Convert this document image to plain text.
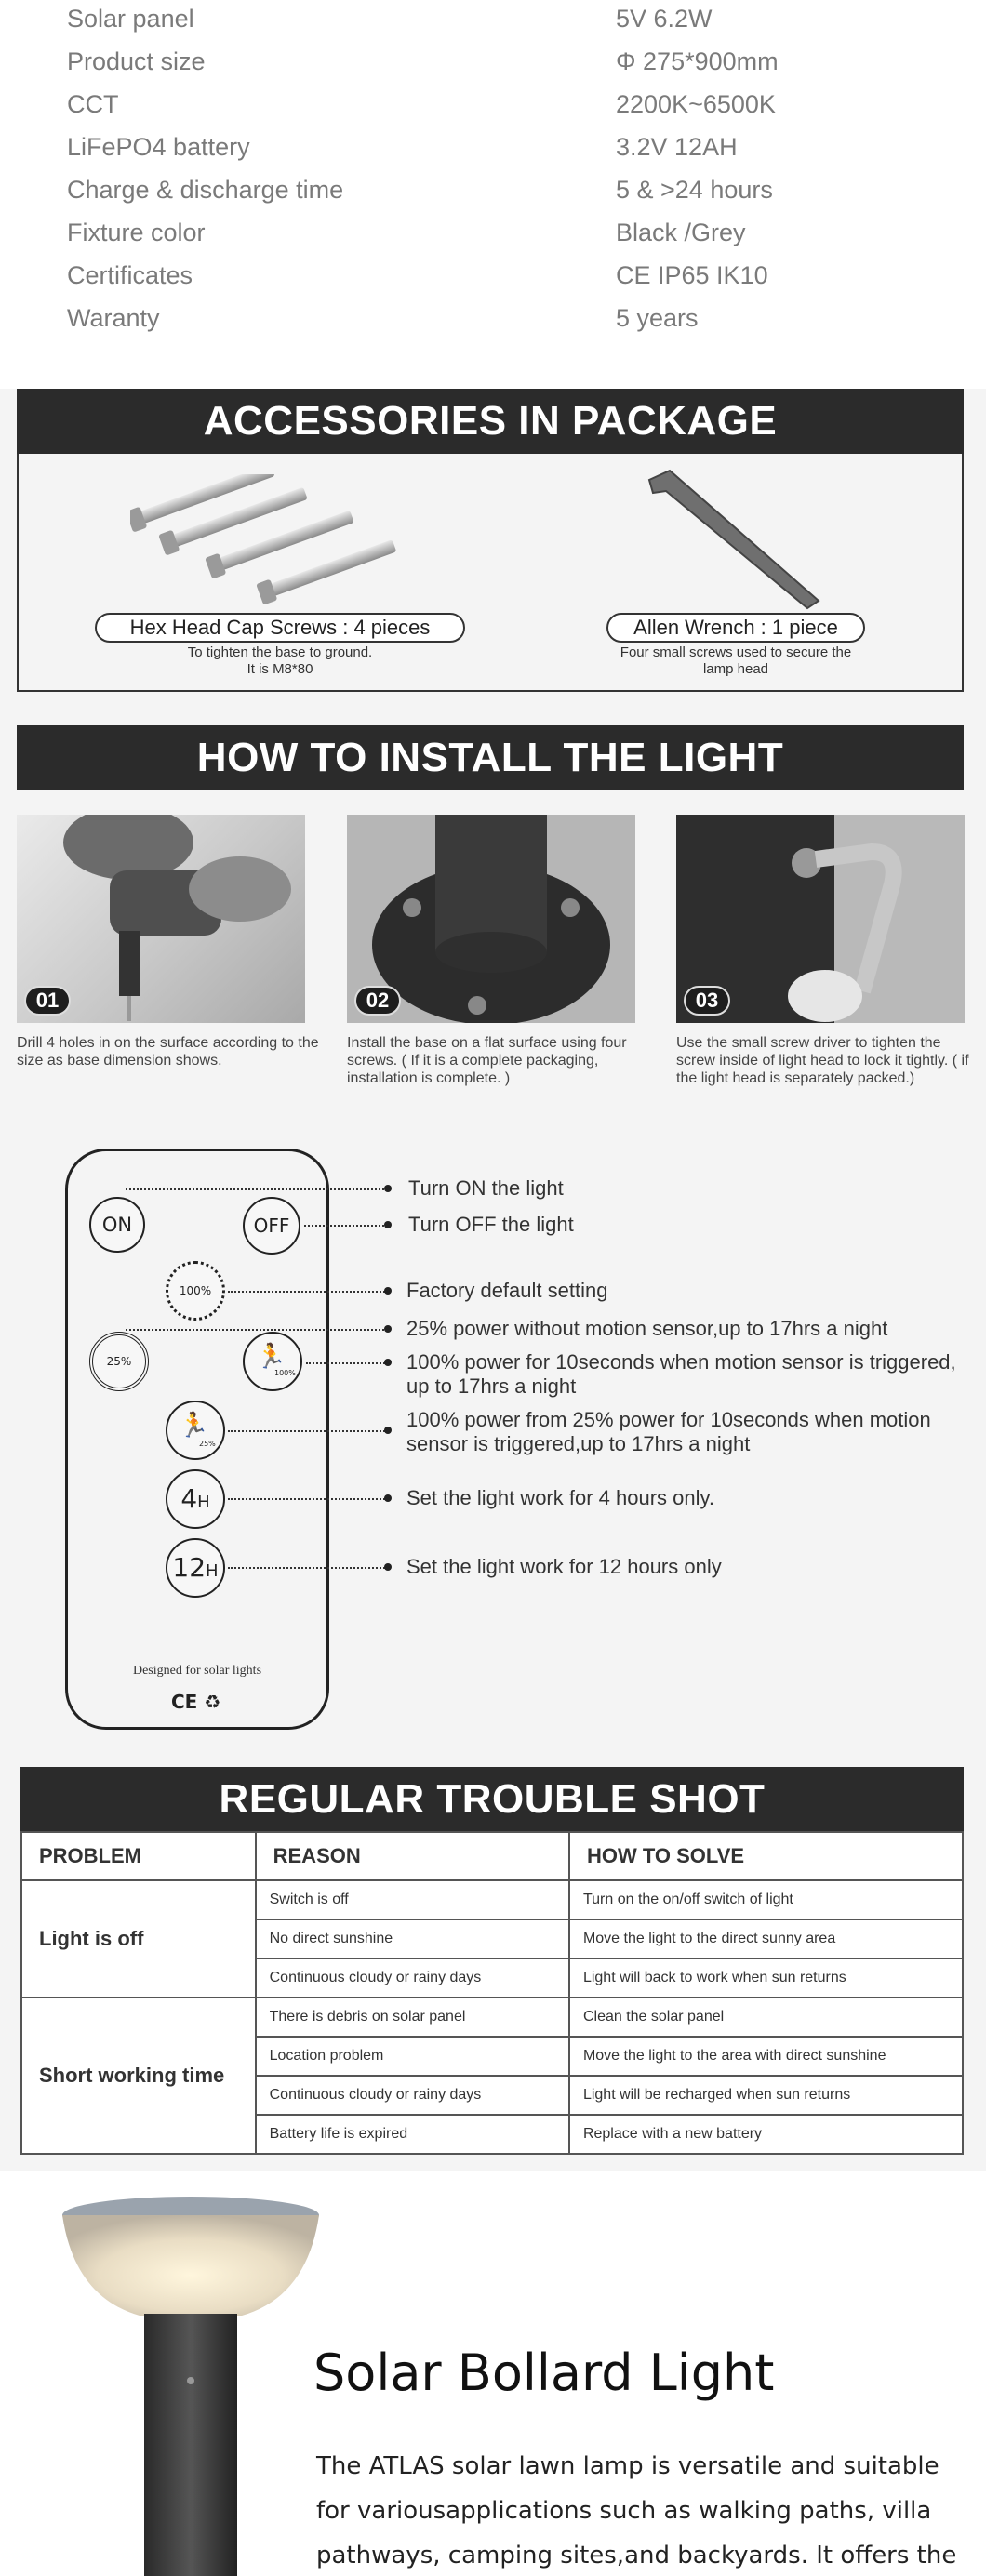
Solar panel	5V 6.2W
Product size	Φ 275*900mm
CCT	2200K~6500K
LiFePO4 battery	3.2V 12AH
Charge & discharge time	5 & >24 hours
Fixture color	Black /Grey
Certificates	CE IP65 IK10
Waranty	5 years
ACCESSORIES IN PACKAGE
Hex Head Cap Screws : 4 pieces
To tighten the base to ground.
It is M8*80
Allen Wrench : 1 piece
Four small screws used to secure the
lamp head
HOW TO INSTALL THE LIGHT
01	02	03
Drill 4 holes in on the surface according to the size as base dimension shows.
Install the base on a flat surface using four screws. ( If it is a complete packaging, installation is complete. )
Use the small screw driver to tighten the screw inside of light head to lock it tightly. ( if the light head is separately packed.)
ON	OFF
100%
25%	🏃
100%
🏃
25%
4H
12H
Designed for solar lights
CE ♻
Turn ON the light
Turn OFF the light
Factory default setting
25% power without motion sensor,up to 17hrs a night
100% power for 10seconds when motion sensor is triggered,
up to 17hrs a night
100% power from 25% power for 10seconds when motion
sensor is triggered,up to 17hrs a night
Set the light work for 4 hours only.
Set the light work for 12 hours only
REGULAR TROUBLE SHOT
PROBLEM	REASON	HOW TO SOLVE
Light is off	Switch is off	Turn on the on/off switch of light
	No direct sunshine	Move the light to the direct sunny area
	Continuous cloudy or rainy days	Light will back to work when sun returns
Short working time	There is debris on solar panel	Clean the solar panel
	Location problem	Move the light to the area with direct sunshine
	Continuous cloudy or rainy days	Light will be recharged when sun returns
	Battery life is expired	Replace with a new battery
Solar Bollard Light
The ATLAS solar lawn lamp is versatile and suitable
for variousapplications such as walking paths, villa
pathways, camping sites,and backyards. It offers the
